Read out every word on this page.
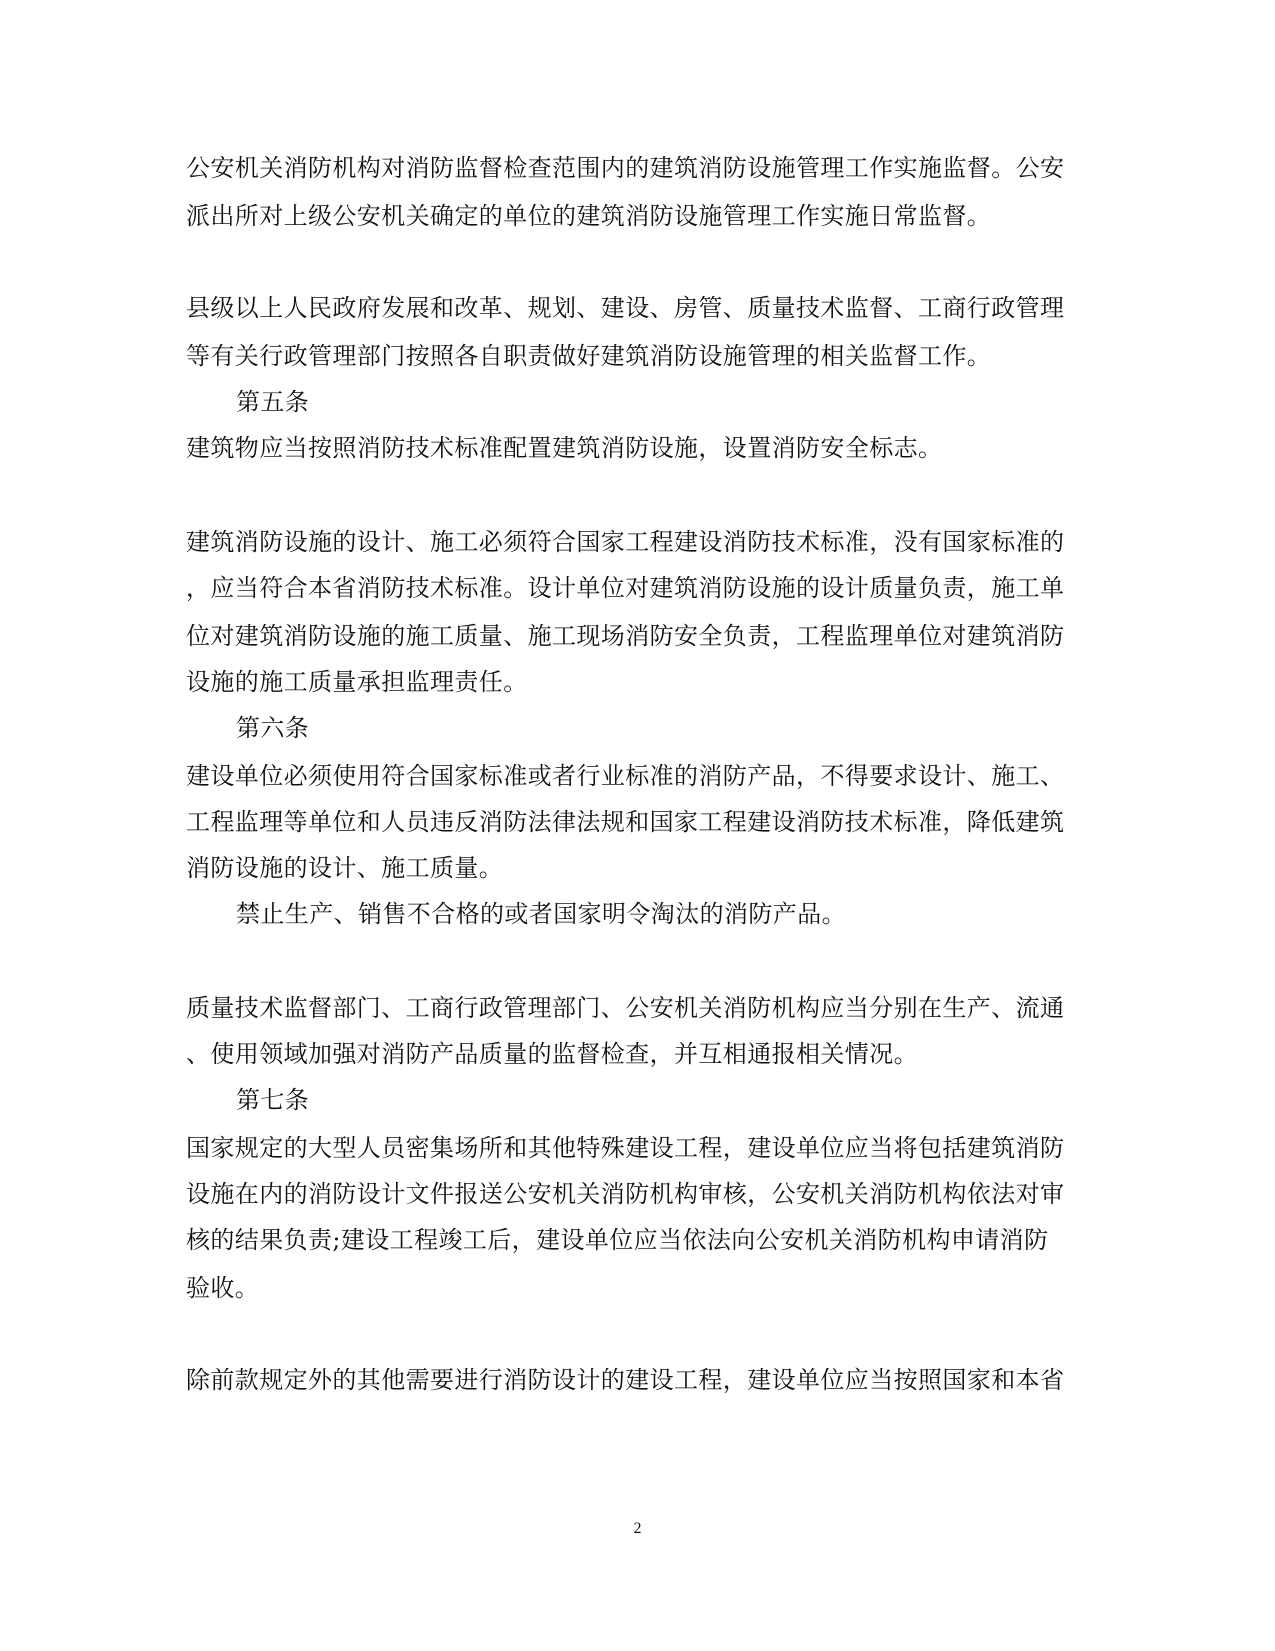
公安机关消防机构对消防监督检查范围内的建筑消防设施管理工作实施监督。公安
派出所对上级公安机关确定的单位的建筑消防设施管理工作实施日常监督。
县级以上人民政府发展和改革、规划、建设、房管、质量技术监督、工商行政管理
等有关行政管理部门按照各自职责做好建筑消防设施管理的相关监督工作。
第五条
建筑物应当按照消防技术标准配置建筑消防设施，设置消防安全标志。
建筑消防设施的设计、施工必须符合国家工程建设消防技术标准，没有国家标准的
，应当符合本省消防技术标准。设计单位对建筑消防设施的设计质量负责，施工单
位对建筑消防设施的施工质量、施工现场消防安全负责，工程监理单位对建筑消防
设施的施工质量承担监理责任。
第六条
建设单位必须使用符合国家标准或者行业标准的消防产品，不得要求设计、施工、
工程监理等单位和人员违反消防法律法规和国家工程建设消防技术标准，降低建筑
消防设施的设计、施工质量。
禁止生产、销售不合格的或者国家明令淘汰的消防产品。
质量技术监督部门、工商行政管理部门、公安机关消防机构应当分别在生产、流通
、使用领域加强对消防产品质量的监督检查，并互相通报相关情况。
第七条
国家规定的大型人员密集场所和其他特殊建设工程，建设单位应当将包括建筑消防
设施在内的消防设计文件报送公安机关消防机构审核，公安机关消防机构依法对审
核的结果负责;建设工程竣工后，建设单位应当依法向公安机关消防机构申请消防
验收。
除前款规定外的其他需要进行消防设计的建设工程，建设单位应当按照国家和本省
2
